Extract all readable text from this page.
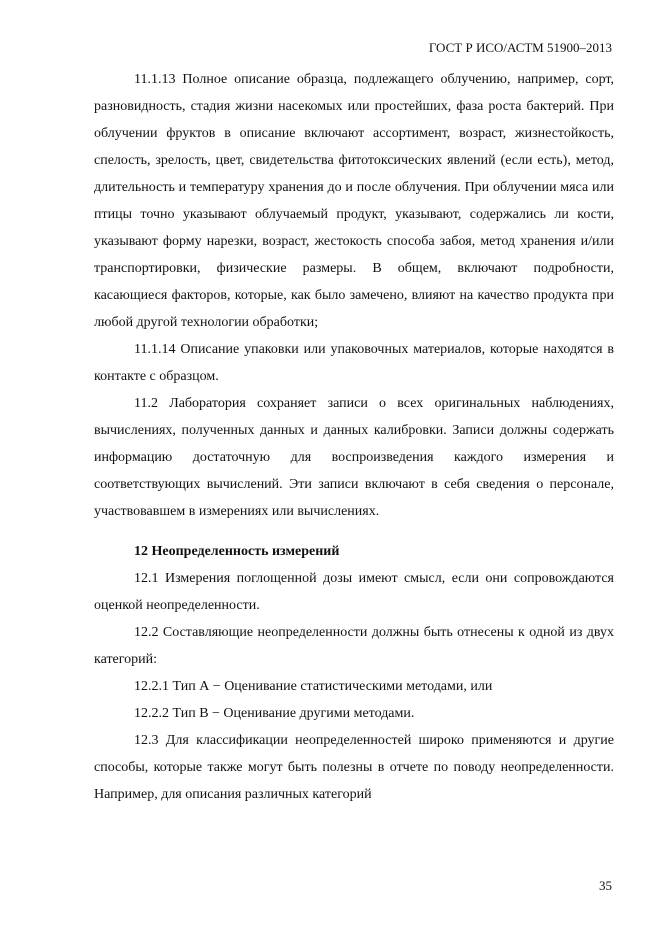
ГОСТ Р ИСО/АСТМ 51900–2013

11.1.13 Полное описание образца, подлежащего облучению, например, сорт, разновидность, стадия жизни насекомых или простейших, фаза роста бактерий. При облучении фруктов в описание включают ассортимент, возраст, жизнестойкость, спелость, зрелость, цвет, свидетельства фитотоксических явлений (если есть), метод, длительность и температуру хранения до и после облучения. При облучении мяса или птицы точно указывают облучаемый продукт, указывают, содержались ли кости, указывают форму нарезки, возраст, жестокость способа забоя, метод хранения и/или транспортировки, физические размеры. В общем, включают подробности, касающиеся факторов, которые, как было замечено, влияют на качество продукта при любой другой технологии обработки;

11.1.14 Описание упаковки или упаковочных материалов, которые находятся в контакте с образцом.

11.2 Лаборатория сохраняет записи о всех оригинальных наблюдениях, вычислениях, полученных данных и данных калибровки. Записи должны содержать информацию достаточную для воспроизведения каждого измерения и соответствующих вычислений. Эти записи включают в себя сведения о персонале, участвовавшем в измерениях или вычислениях.

12 Неопределенность измерений

12.1 Измерения поглощенной дозы имеют смысл, если они сопровождаются оценкой неопределенности.

12.2 Составляющие неопределенности должны быть отнесены к одной из двух категорий:

12.2.1 Тип А − Оценивание статистическими методами, или

12.2.2 Тип В − Оценивание другими методами.

12.3 Для классификации неопределенностей широко применяются и другие способы, которые также могут быть полезны в отчете по поводу неопределенности. Например, для описания различных категорий

35
